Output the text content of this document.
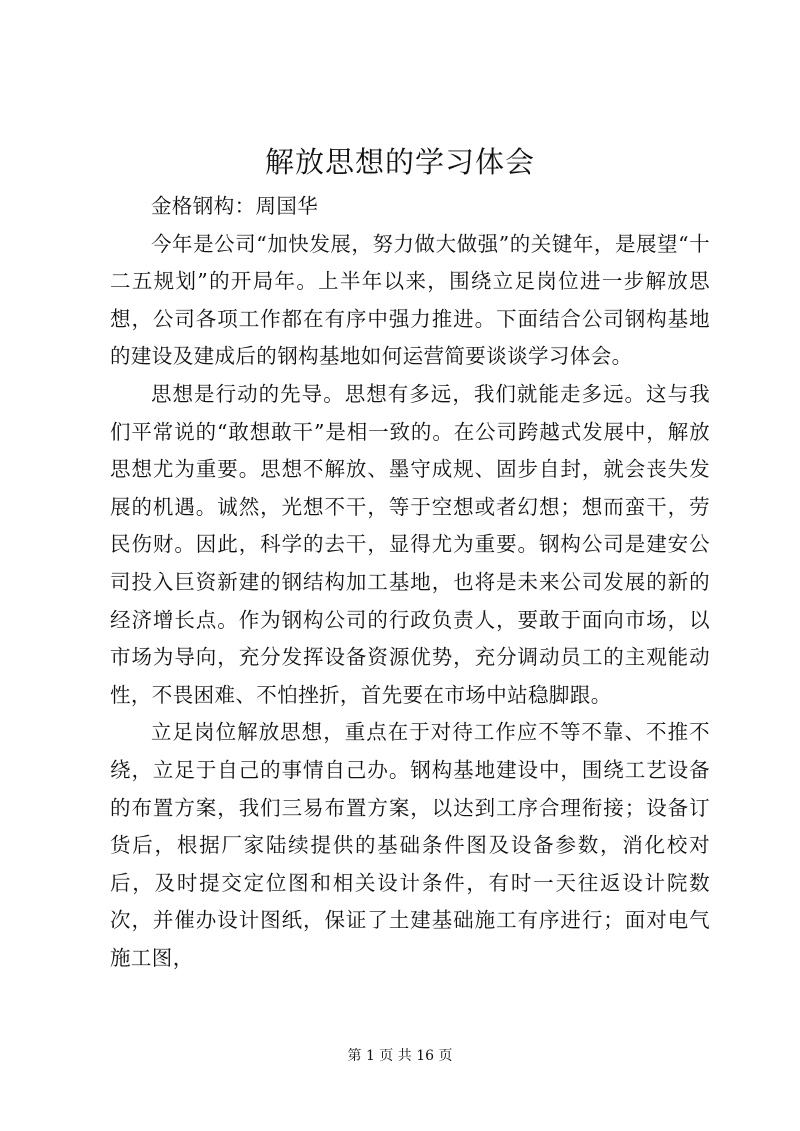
解放思想的学习体会

金格钢构：周国华

今年是公司“加快发展，努力做大做强”的关键年，是展望“十二五规划”的开局年。上半年以来，围绕立足岗位进一步解放思想，公司各项工作都在有序中强力推进。下面结合公司钢构基地的建设及建成后的钢构基地如何运营简要谈谈学习体会。

思想是行动的先导。思想有多远，我们就能走多远。这与我们平常说的“敢想敢干”是相一致的。在公司跨越式发展中，解放思想尤为重要。思想不解放、墨守成规、固步自封，就会丧失发展的机遇。诚然，光想不干，等于空想或者幻想；想而蛮干，劳民伤财。因此，科学的去干，显得尤为重要。钢构公司是建安公司投入巨资新建的钢结构加工基地，也将是未来公司发展的新的经济增长点。作为钢构公司的行政负责人，要敢于面向市场，以市场为导向，充分发挥设备资源优势，充分调动员工的主观能动性，不畏困难、不怕挫折，首先要在市场中站稳脚跟。

立足岗位解放思想，重点在于对待工作应不等不靠、不推不绕，立足于自己的事情自己办。钢构基地建设中，围绕工艺设备的布置方案，我们三易布置方案，以达到工序合理衔接；设备订货后，根据厂家陆续提供的基础条件图及设备参数，消化校对后，及时提交定位图和相关设计条件，有时一天往返设计院数次，并催办设计图纸，保证了土建基础施工有序进行；面对电气施工图，

第 1 页 共 16 页
